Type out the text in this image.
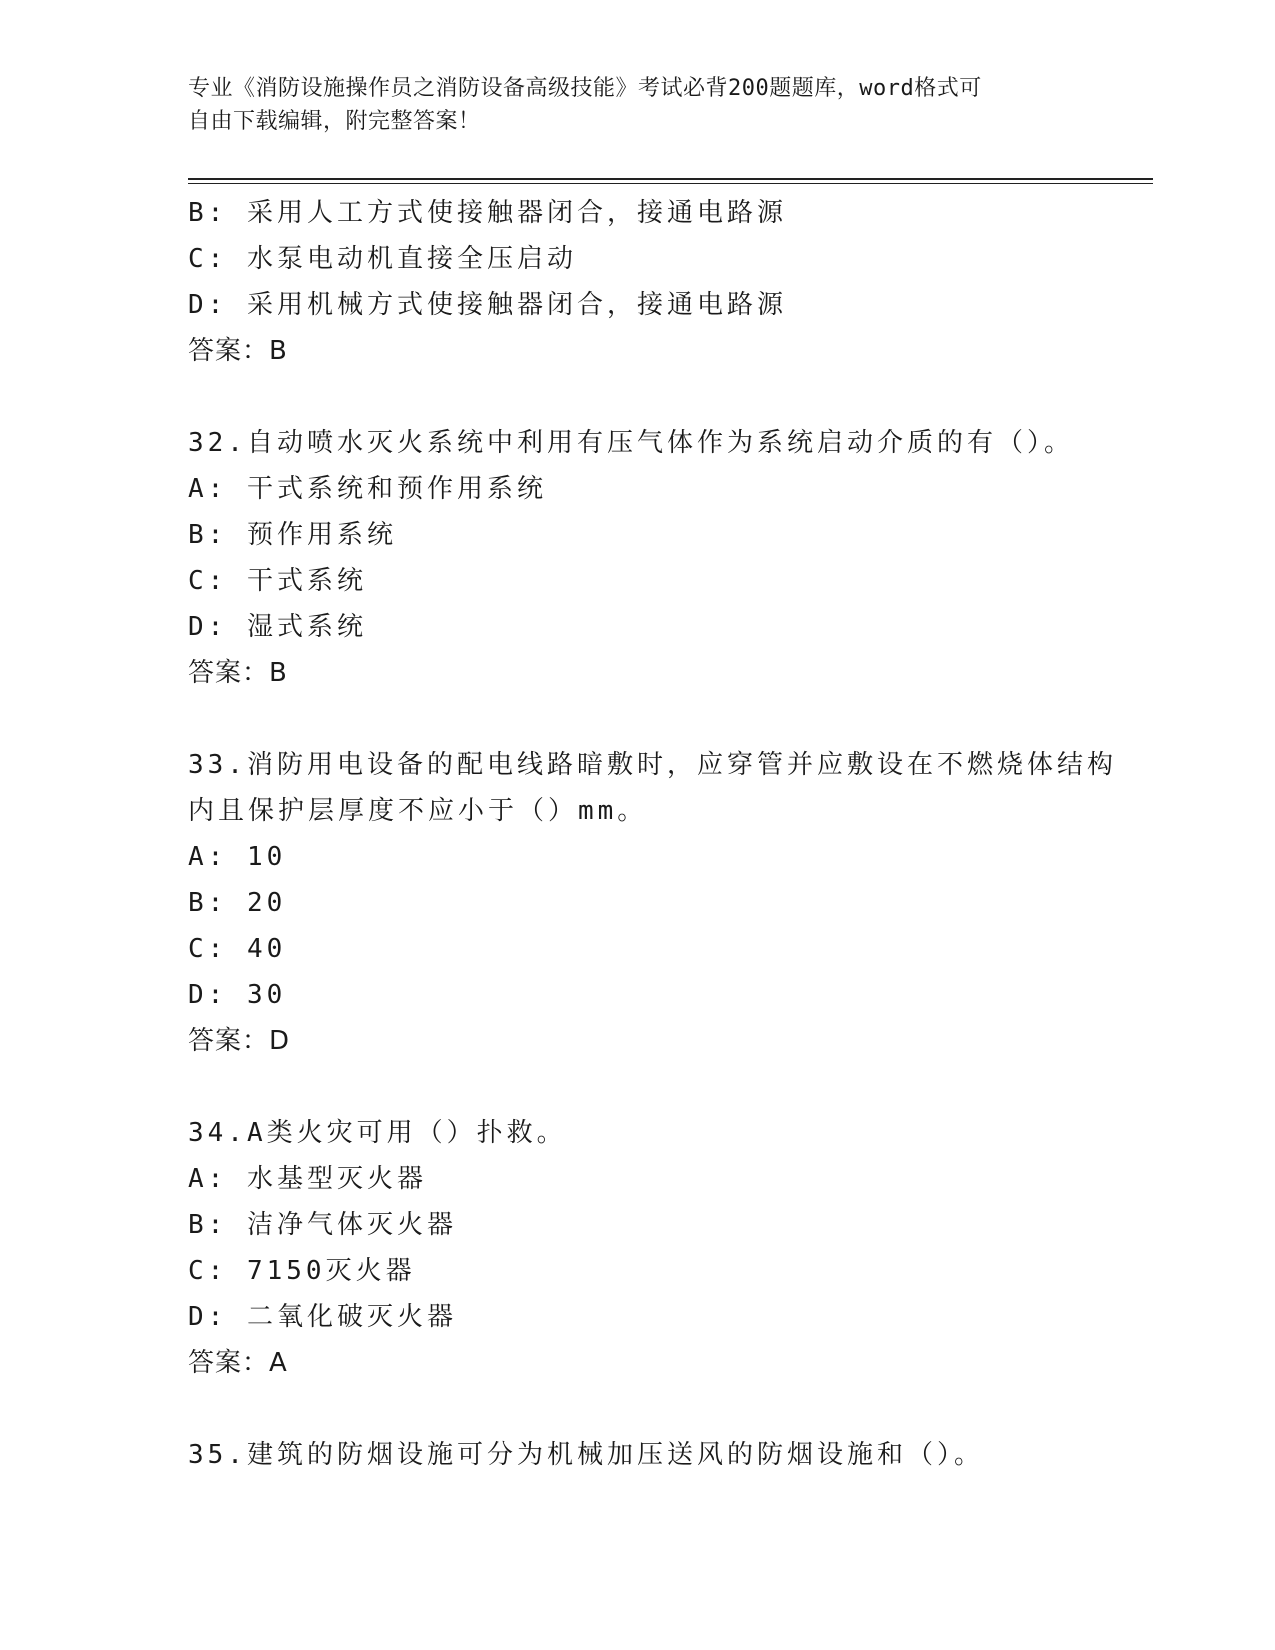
专业《消防设施操作员之消防设备高级技能》考试必背200题题库，word格式可
自由下载编辑，附完整答案！
B: 采用人工方式使接触器闭合，接通电路源
C: 水泵电动机直接全压启动
D: 采用机械方式使接触器闭合，接通电路源
答案：B
32.自动喷水灭火系统中利用有压气体作为系统启动介质的有（）。
A: 干式系统和预作用系统
B: 预作用系统
C: 干式系统
D: 湿式系统
答案：B
33.消防用电设备的配电线路暗敷时，应穿管并应敷设在不燃烧体结构
内且保护层厚度不应小于（）mm。
A: 10
B: 20
C: 40
D: 30
答案：D
34.A类火灾可用（）扑救。
A: 水基型灭火器
B: 洁净气体灭火器
C: 7150灭火器
D: 二氧化破灭火器
答案：A
35.建筑的防烟设施可分为机械加压送风的防烟设施和（）。
